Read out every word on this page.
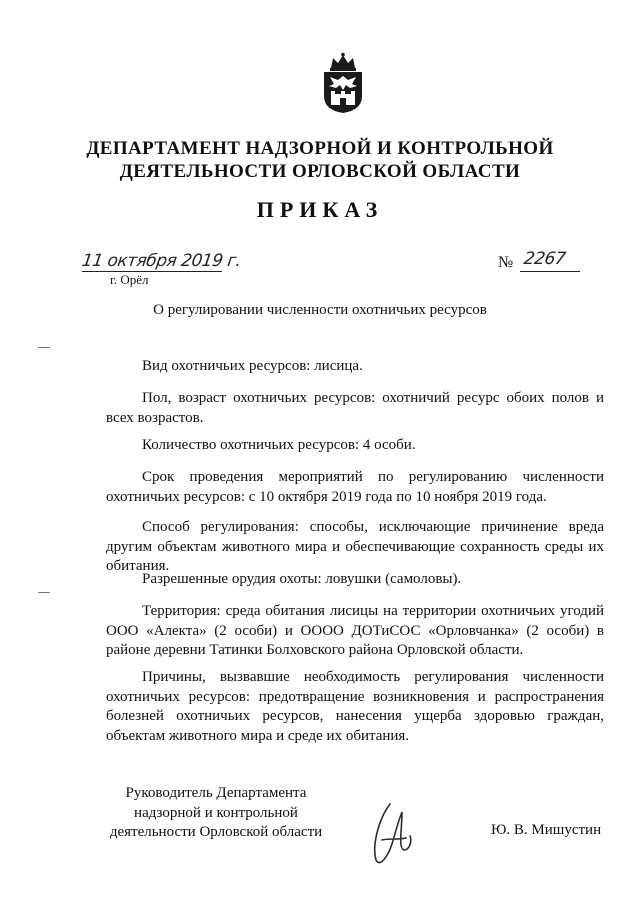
ДЕПАРТАМЕНТ НАДЗОРНОЙ И КОНТРОЛЬНОЙ
ДЕЯТЕЛЬНОСТИ ОРЛОВСКОЙ ОБЛАСТИ
ПРИКАЗ
11 октября 2019 г.
г. Орёл
№ 2267
О регулировании численности охотничьих ресурсов
Вид охотничьих ресурсов: лисица.
Пол, возраст охотничьих ресурсов: охотничий ресурс обоих полов и всех возрастов.
Количество охотничьих ресурсов: 4 особи.
Срок проведения мероприятий по регулированию численности охотничьих ресурсов: с 10 октября 2019 года по 10 ноября 2019 года.
Способ регулирования: способы, исключающие причинение вреда другим объектам животного мира и обеспечивающие сохранность среды их обитания.
Разрешенные орудия охоты: ловушки (самоловы).
Территория: среда обитания лисицы на территории охотничьих угодий ООО «Алекта» (2 особи) и ОООО ДОТиСОС «Орловчанка» (2 особи) в районе деревни Татинки Болховского района Орловской области.
Причины, вызвавшие необходимость регулирования численности охотничьих ресурсов: предотвращение возникновения и распространения болезней охотничьих ресурсов, нанесения ущерба здоровью граждан, объектам животного мира и среде их обитания.
Руководитель Департамента
надзорной и контрольной
деятельности Орловской области	Ю. В. Мишустин
